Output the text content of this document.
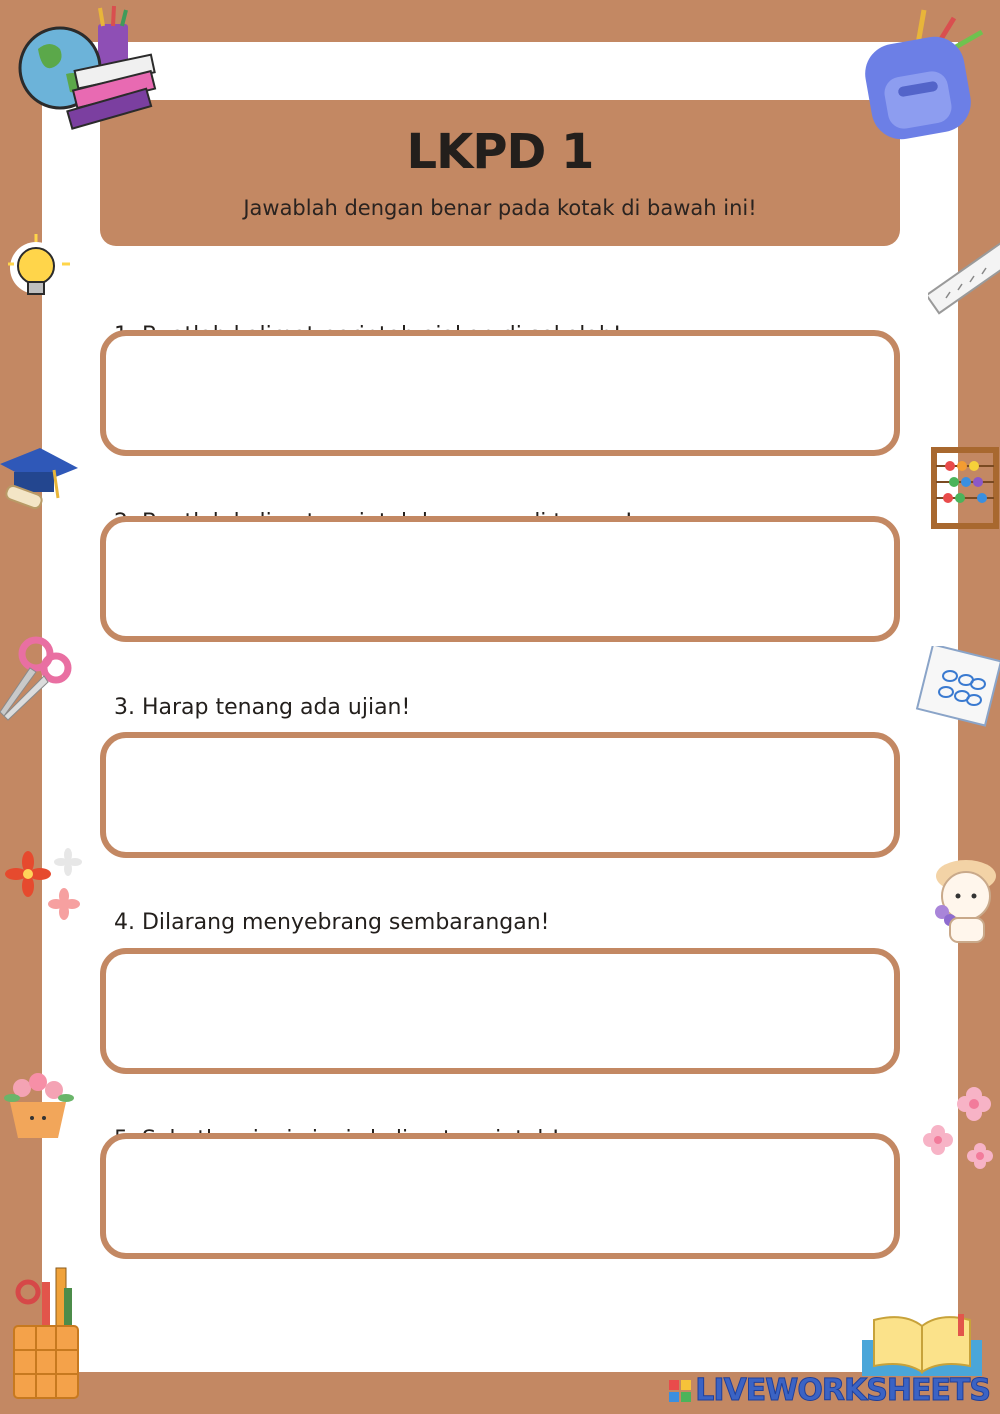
LKPD 1
Jawablah dengan benar pada kotak di bawah ini!

3. Harap tenang ada ujian!

4. Dilarang menyebrang sembarangan!

LIVEWORKSHEETS
